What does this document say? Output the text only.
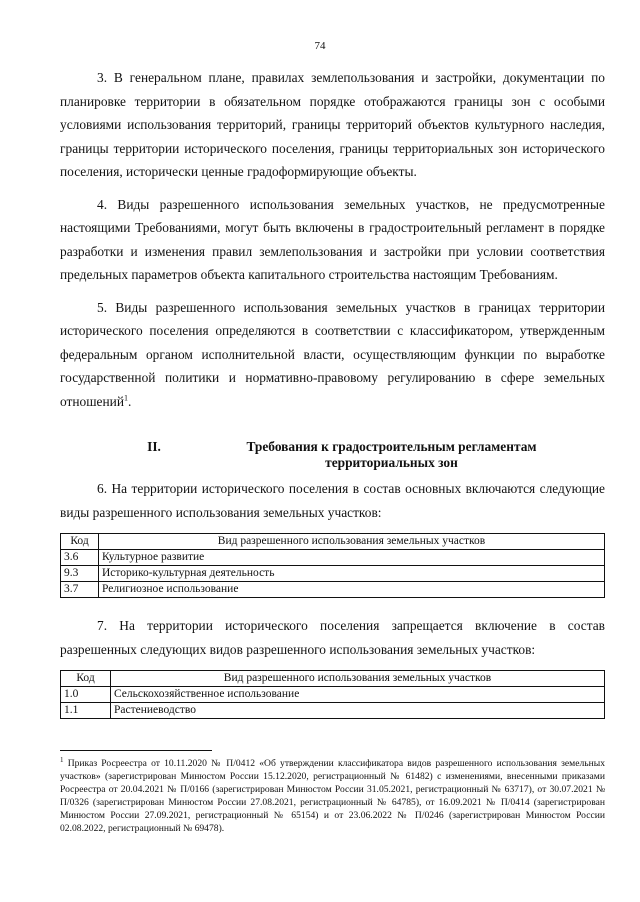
74

3. В генеральном плане, правилах землепользования и застройки, документации по планировке территории в обязательном порядке отображаются границы зон с особыми условиями использования территорий, границы территорий объектов культурного наследия, границы территории исторического поселения, границы территориальных зон исторического поселения, исторически ценные градоформирующие объекты.

4. Виды разрешенного использования земельных участков, не предусмотренные настоящими Требованиями, могут быть включены в градостроительный регламент в порядке разработки и изменения правил землепользования и застройки при условии соответствия предельных параметров объекта капитального строительства настоящим Требованиям.

5. Виды разрешенного использования земельных участков в границах территории исторического поселения определяются в соответствии с классификатором, утвержденным федеральным органом исполнительной власти, осуществляющим функции по выработке государственной политики и нормативно-правовому регулированию в сфере земельных отношений$^1$.

II.	Требования к градостроительным регламентам территориальных зон

6. На территории исторического поселения в состав основных включаются следующие виды разрешенного использования земельных участков:

Код	Вид разрешенного использования земельных участков
3.6	Культурное развитие
9.3	Историко-культурная деятельность
3.7	Религиозное использование

7. На территории исторического поселения запрещается включение в состав разрешенных следующих видов разрешенного использования земельных участков:

Код	Вид разрешенного использования земельных участков
1.0	Сельскохозяйственное использование
1.1	Растениеводство

$^1$ Приказ Росреестра от 10.11.2020 № П/0412 «Об утверждении классификатора видов разрешенного использования земельных участков» (зарегистрирован Минюстом России 15.12.2020, регистрационный № 61482) с изменениями, внесенными приказами Росреестра от 20.04.2021 № П/0166 (зарегистрирован Минюстом России 31.05.2021, регистрационный № 63717), от 30.07.2021 № П/0326 (зарегистрирован Минюстом России 27.08.2021, регистрационный № 64785), от 16.09.2021 № П/0414 (зарегистрирован Минюстом России 27.09.2021, регистрационный № 65154) и от 23.06.2022 № П/0246 (зарегистрирован Минюстом России 02.08.2022, регистрационный № 69478).
